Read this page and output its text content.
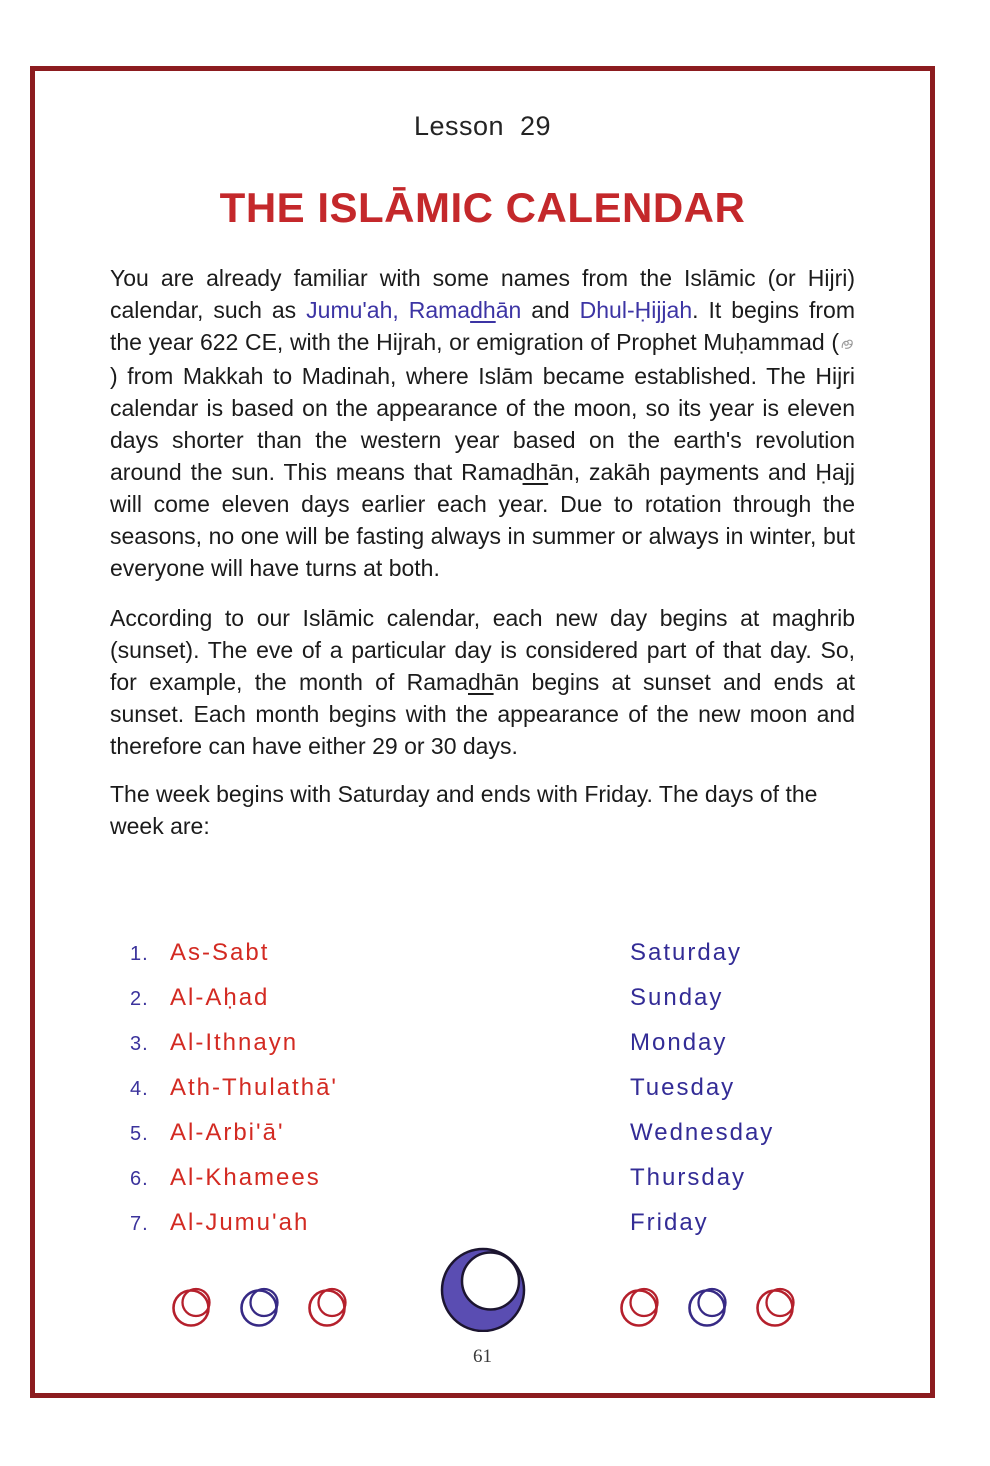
Lesson  29
THE ISLĀMIC CALENDAR

You are already familiar with some names from the Islāmic (or Hijri) calendar, such as Jumu'ah, Ramadhān and Dhul-Ḥijjah. It begins from the year 622 CE, with the Hijrah, or emigration of Prophet Muḥammad () from Makkah to Madinah, where Islām became established. The Hijri calendar is based on the appearance of the moon, so its year is eleven days shorter than the western year based on the earth's revolution around the sun. This means that Ramadhān, zakāh payments and Ḥajj will come eleven days earlier each year. Due to rotation through the seasons, no one will be fasting always in summer or always in winter, but everyone will have turns at both.

According to our Islāmic calendar, each new day begins at maghrib (sunset). The eve of a particular day is considered part of that day. So, for example, the month of Ramadhān begins at sunset and ends at sunset. Each month begins with the appearance of the new moon and therefore can have either 29 or 30 days.

The week begins with Saturday and ends with Friday. The days of the week are:

1. As-Sabt	Saturday
2. Al-Aḥad	Sunday
3. Al-Ithnayn	Monday
4. Ath-Thulathā'	Tuesday
5. Al-Arbi'ā'	Wednesday
6. Al-Khamees	Thursday
7. Al-Jumu'ah	Friday
61
